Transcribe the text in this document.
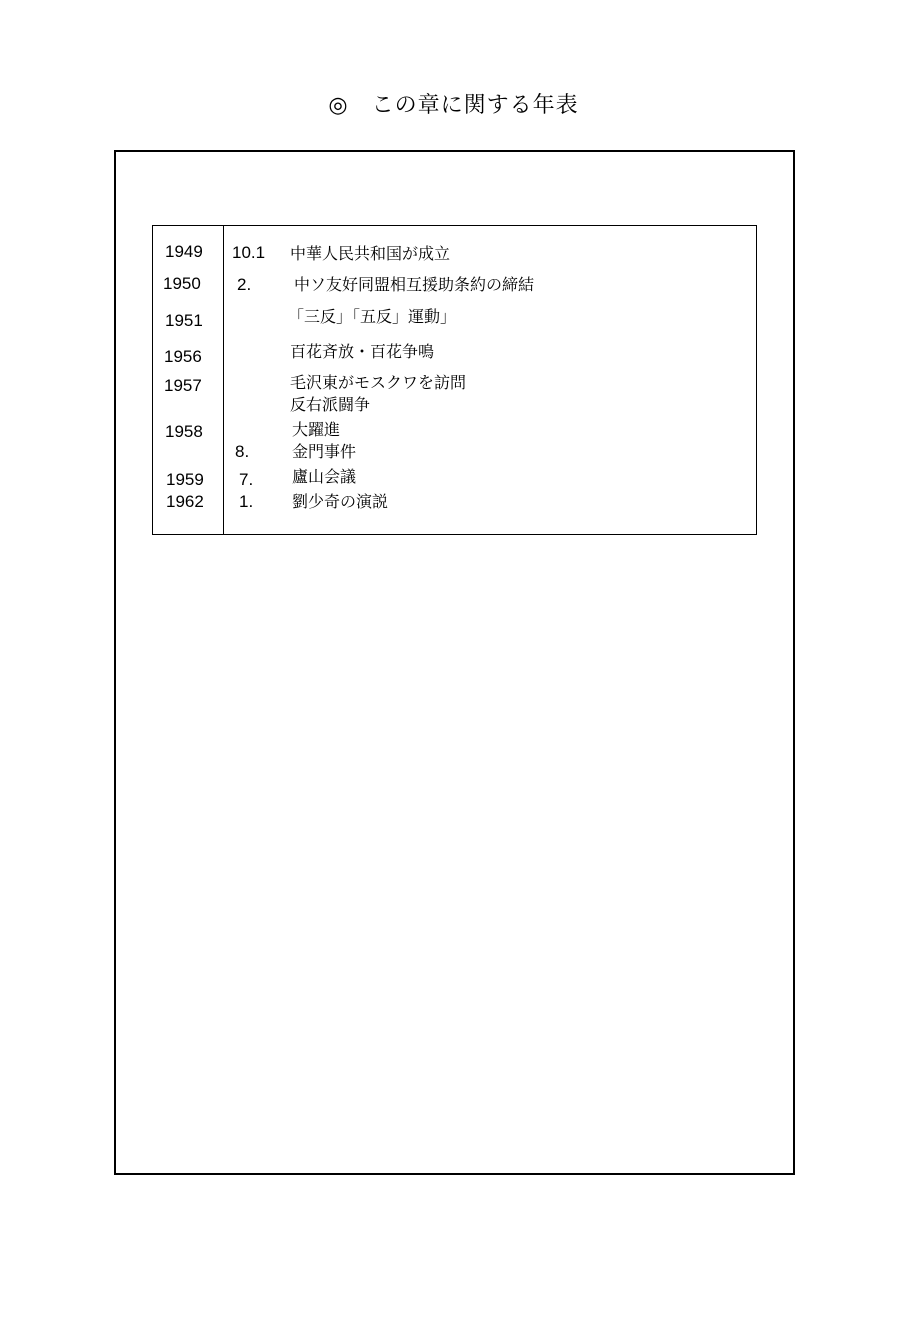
◎　この章に関する年表
1949
1950
1951
1956
1957
1958
1959
1962
10.1
2.
8.
7.
1.
中華人民共和国が成立
中ソ友好同盟相互援助条約の締結
「三反」「五反」運動」
百花斉放・百花争鳴
毛沢東がモスクワを訪問
反右派闘争
大躍進
金門事件
廬山会議
劉少奇の演説
